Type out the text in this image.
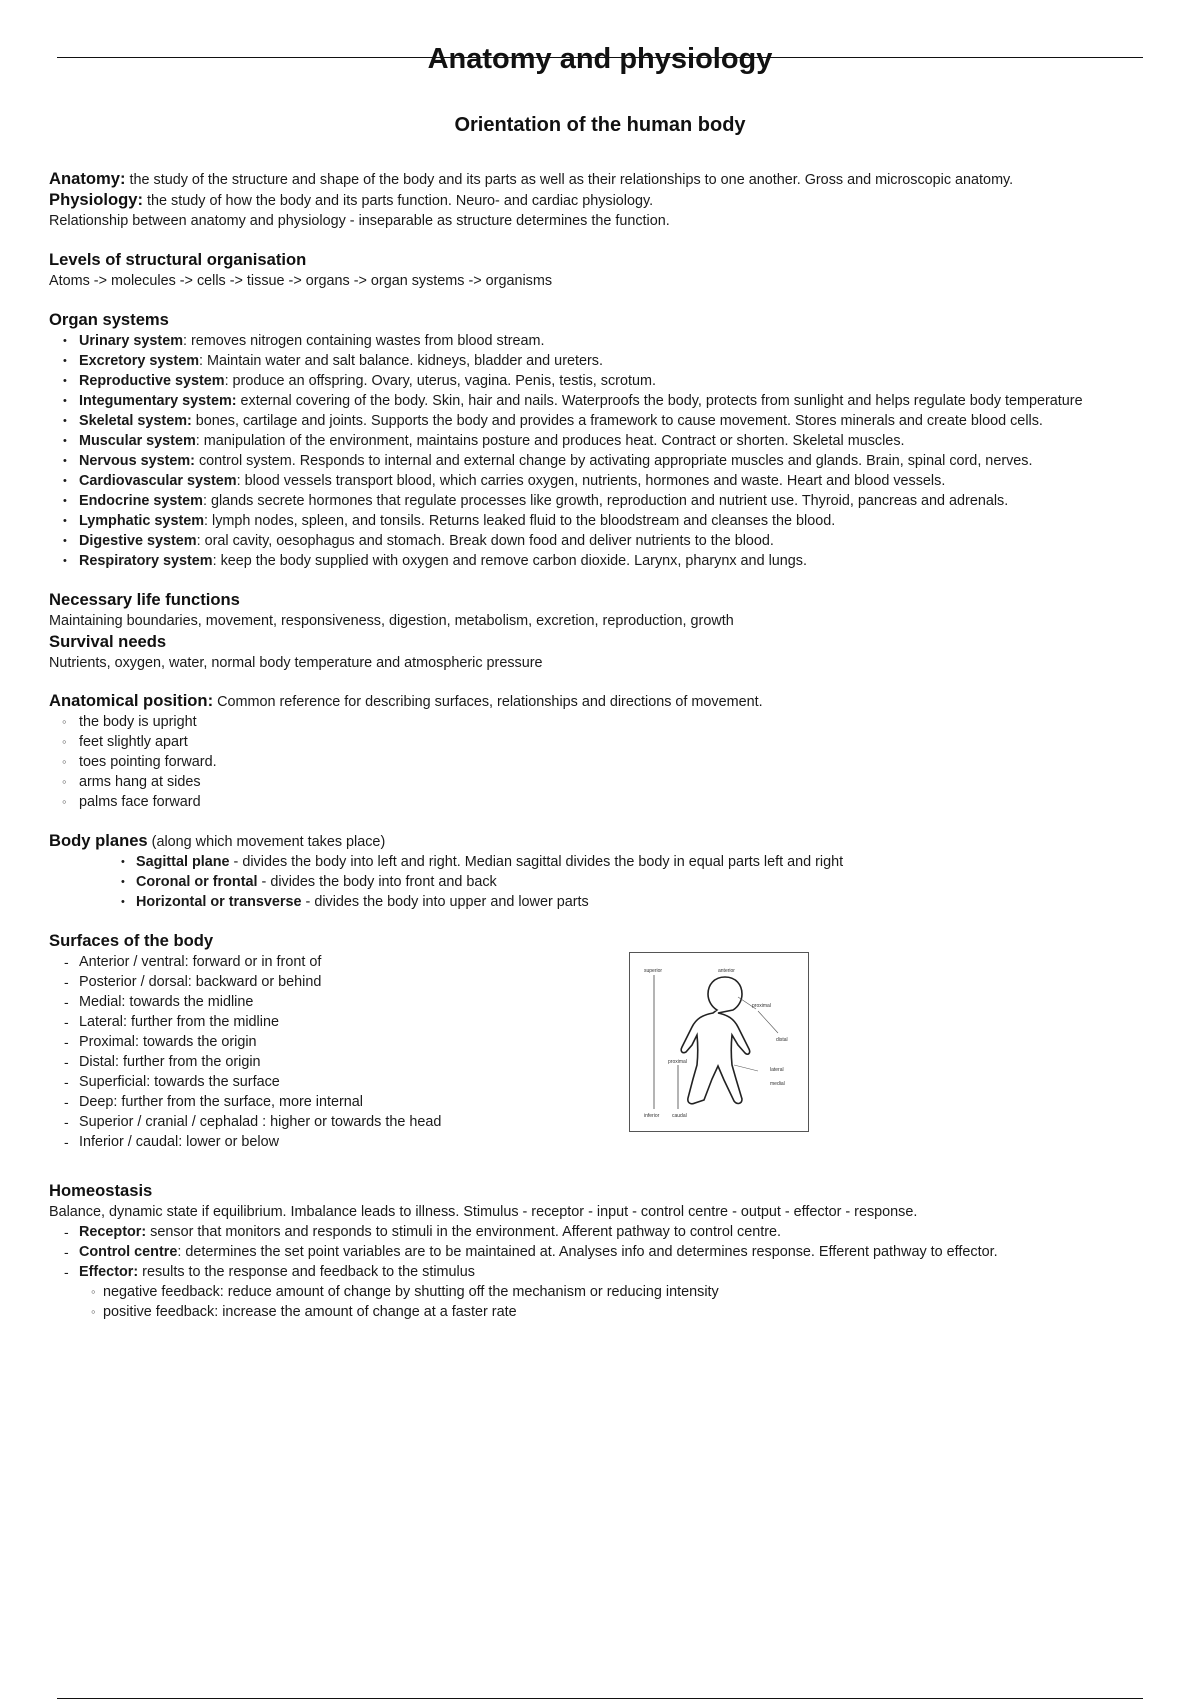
Anatomy and physiology
Orientation of the human body
Anatomy: the study of the structure and shape of the body and its parts as well as their relationships to one another. Gross and microscopic anatomy.
Physiology: the study of how the body and its parts function. Neuro- and cardiac physiology.
Relationship between anatomy and physiology - inseparable as structure determines the function.
Levels of structural organisation
Atoms -> molecules -> cells -> tissue -> organs -> organ systems -> organisms
Organ systems
• Urinary system: removes nitrogen containing wastes from blood stream.
• Excretory system: Maintain water and salt balance. kidneys, bladder and ureters.
• Reproductive system: produce an offspring. Ovary, uterus, vagina. Penis, testis, scrotum.
• Integumentary system: external covering of the body. Skin, hair and nails. Waterproofs the body, protects from sunlight and helps regulate body temperature
• Skeletal system: bones, cartilage and joints. Supports the body and provides a framework to cause movement. Stores minerals and create blood cells.
• Muscular system: manipulation of the environment, maintains posture and produces heat. Contract or shorten. Skeletal muscles.
• Nervous system: control system. Responds to internal and external change by activating appropriate muscles and glands. Brain, spinal cord, nerves.
• Cardiovascular system: blood vessels transport blood, which carries oxygen, nutrients, hormones and waste. Heart and blood vessels.
• Endocrine system: glands secrete hormones that regulate processes like growth, reproduction and nutrient use. Thyroid, pancreas and adrenals.
• Lymphatic system: lymph nodes, spleen, and tonsils. Returns leaked fluid to the bloodstream and cleanses the blood.
• Digestive system: oral cavity, oesophagus and stomach. Break down food and deliver nutrients to the blood.
• Respiratory system: keep the body supplied with oxygen and remove carbon dioxide. Larynx, pharynx and lungs.
Necessary life functions
Maintaining boundaries, movement, responsiveness, digestion, metabolism, excretion, reproduction, growth
Survival needs
Nutrients, oxygen, water, normal body temperature and atmospheric pressure
Anatomical position: Common reference for describing surfaces, relationships and directions of movement.
◦ the body is upright
◦ feet slightly apart
◦ toes pointing forward.
◦ arms hang at sides
◦ palms face forward
Body planes (along which movement takes place)
• Sagittal plane - divides the body into left and right. Median sagittal divides the body in equal parts left and right
• Coronal or frontal - divides the body into front and back
• Horizontal or transverse - divides the body into upper and lower parts
Surfaces of the body
- Anterior / ventral: forward or in front of
- Posterior / dorsal: backward or behind
- Medial: towards the midline
- Lateral: further from the midline
- Proximal: towards the origin
- Distal: further from the origin
- Superficial: towards the surface
- Deep: further from the surface, more internal
- Superior / cranial / cephalad : higher or towards the head
- Inferior / caudal: lower or below
superior	anterior
proximal
distal
proximal
lateral
medial
inferior	caudal
Homeostasis
Balance, dynamic state if equilibrium. Imbalance leads to illness. Stimulus - receptor - input - control centre - output - effector - response.
- Receptor: sensor that monitors and responds to stimuli in the environment. Afferent pathway to control centre.
- Control centre: determines the set point variables are to be maintained at. Analyses info and determines response. Efferent pathway to effector.
- Effector: results to the response and feedback to the stimulus
◦ negative feedback: reduce amount of change by shutting off the mechanism or reducing intensity
◦ positive feedback: increase the amount of change at a faster rate
